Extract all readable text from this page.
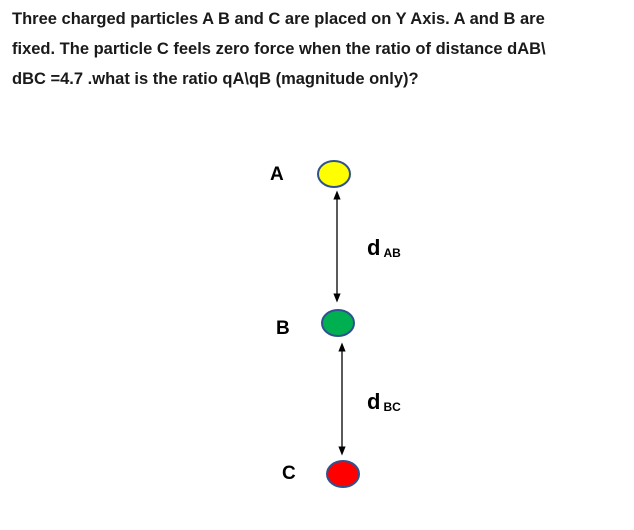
Three charged particles A B and C are placed on Y Axis. A and B are
fixed. The particle C feels zero force when the ratio of distance dAB\
dBC =4.7 .what is the ratio qA\qB (magnitude only)?
A
B
C
dAB
dBC
